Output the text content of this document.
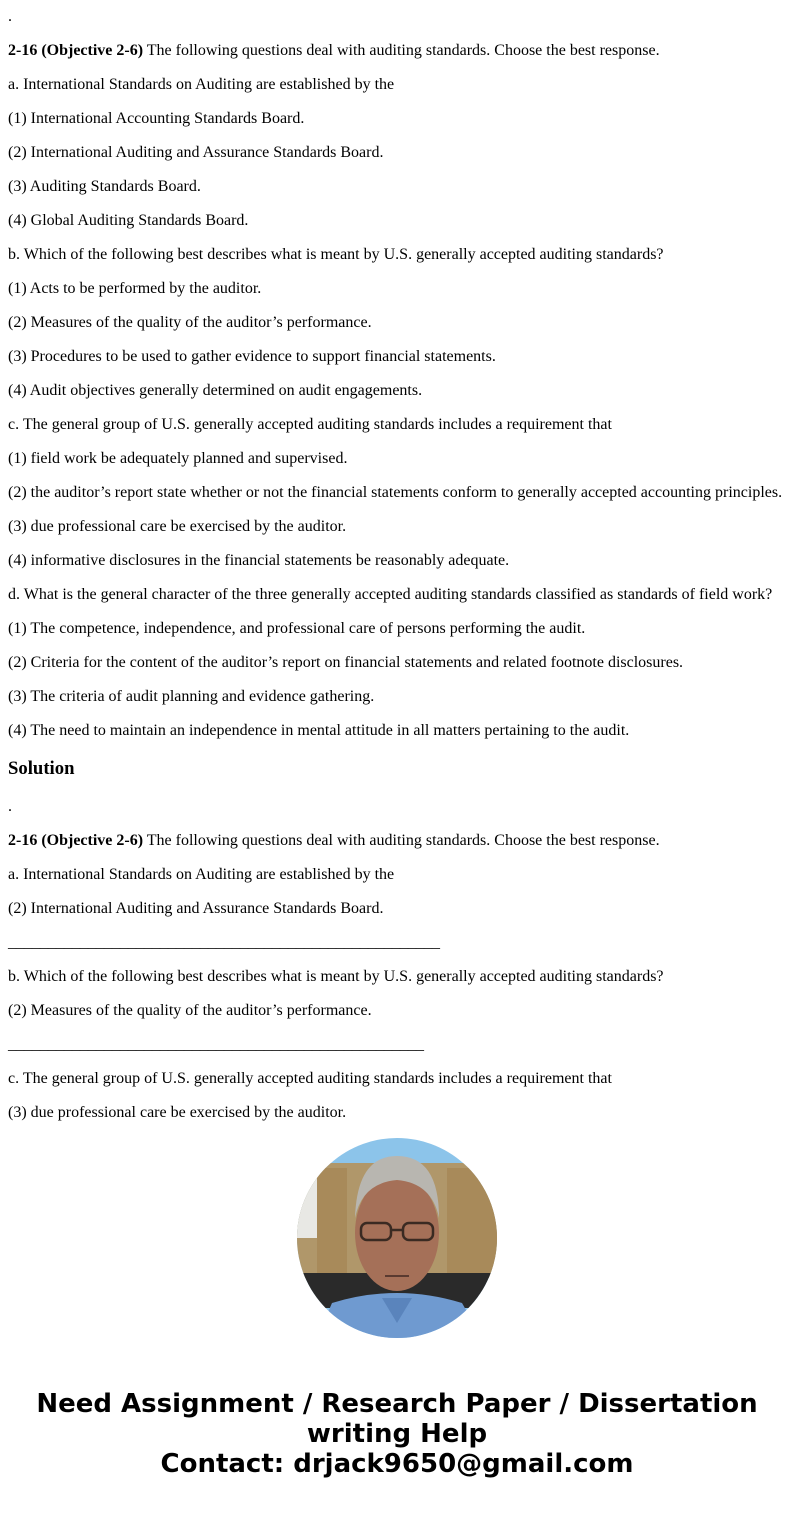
.

2-16 (Objective 2-6) The following questions deal with auditing standards. Choose the best response.

a. International Standards on Auditing are established by the

(1) International Accounting Standards Board.

(2) International Auditing and Assurance Standards Board.

(3) Auditing Standards Board.

(4) Global Auditing Standards Board.

b. Which of the following best describes what is meant by U.S. generally accepted auditing standards?

(1) Acts to be performed by the auditor.

(2) Measures of the quality of the auditor’s performance.

(3) Procedures to be used to gather evidence to support financial statements.

(4) Audit objectives generally determined on audit engagements.

c. The general group of U.S. generally accepted auditing standards includes a requirement that

(1) field work be adequately planned and supervised.

(2) the auditor’s report state whether or not the financial statements conform to generally accepted accounting principles.

(3) due professional care be exercised by the auditor.

(4) informative disclosures in the financial statements be reasonably adequate.

d. What is the general character of the three generally accepted auditing standards classified as standards of field work?

(1) The competence, independence, and professional care of persons performing the audit.

(2) Criteria for the content of the auditor’s report on financial statements and related footnote disclosures.

(3) The criteria of audit planning and evidence gathering.

(4) The need to maintain an independence in mental attitude in all matters pertaining to the audit.

Solution

.

2-16 (Objective 2-6) The following questions deal with auditing standards. Choose the best response.

a. International Standards on Auditing are established by the

(2) International Auditing and Assurance Standards Board.

______________________________________________________

b. Which of the following best describes what is meant by U.S. generally accepted auditing standards?

(2) Measures of the quality of the auditor’s performance.

____________________________________________________

c. The general group of U.S. generally accepted auditing standards includes a requirement that

(3) due professional care be exercised by the auditor.

Need Assignment / Research Paper / Dissertation
writing Help
Contact: drjack9650@gmail.com
